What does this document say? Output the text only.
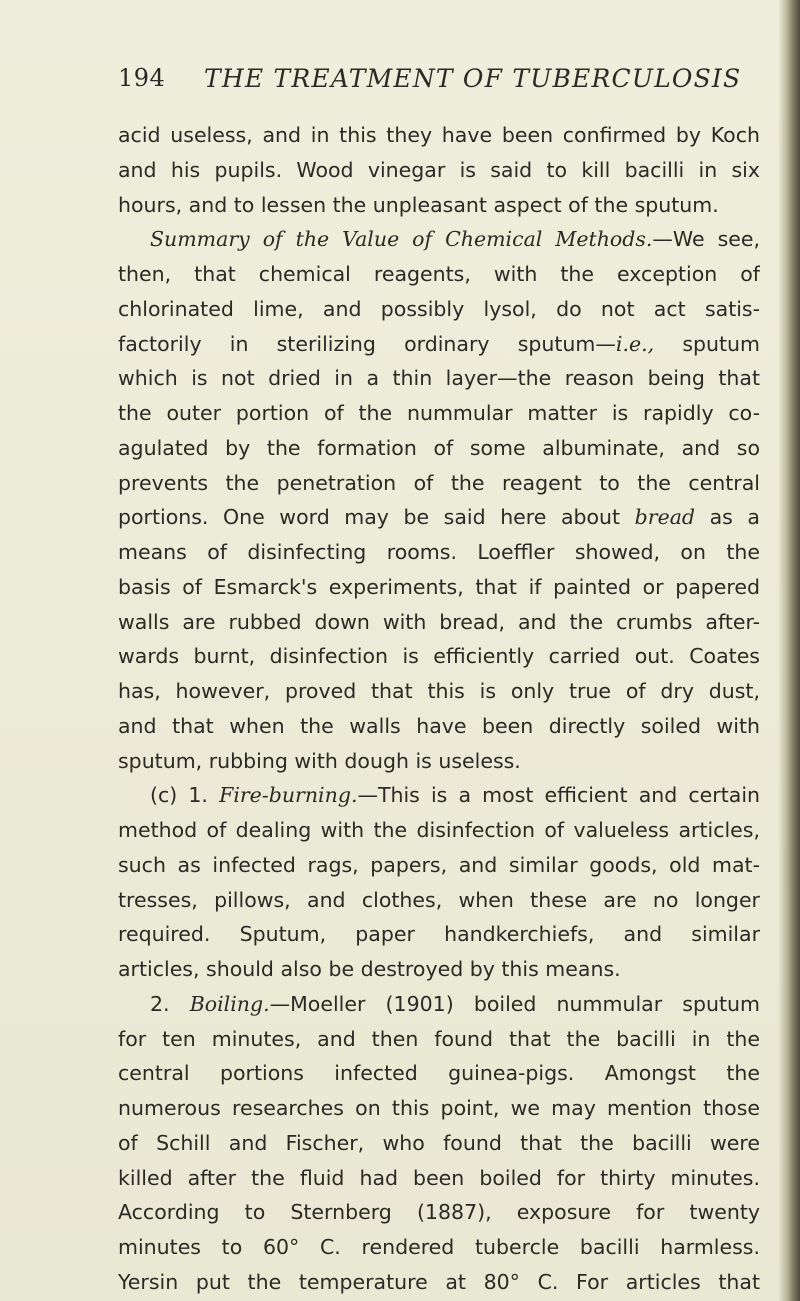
194 THE TREATMENT OF TUBERCULOSIS
acid useless, and in this they have been confirmed by Koch
and his pupils. Wood vinegar is said to kill bacilli in six
hours, and to lessen the unpleasant aspect of the sputum.
Summary of the Value of Chemical Methods.—We see,
then, that chemical reagents, with the exception of
chlorinated lime, and possibly lysol, do not act satis-
factorily in sterilizing ordinary sputum—i.e., sputum
which is not dried in a thin layer—the reason being that
the outer portion of the nummular matter is rapidly co-
agulated by the formation of some albuminate, and so
prevents the penetration of the reagent to the central
portions. One word may be said here about bread as a
means of disinfecting rooms. Loeffler showed, on the
basis of Esmarck's experiments, that if painted or papered
walls are rubbed down with bread, and the crumbs after-
wards burnt, disinfection is efficiently carried out. Coates
has, however, proved that this is only true of dry dust,
and that when the walls have been directly soiled with
sputum, rubbing with dough is useless.
(c) 1. Fire-burning.—This is a most efficient and certain
method of dealing with the disinfection of valueless articles,
such as infected rags, papers, and similar goods, old mat-
tresses, pillows, and clothes, when these are no longer
required. Sputum, paper handkerchiefs, and similar
articles, should also be destroyed by this means.
2. Boiling.—Moeller (1901) boiled nummular sputum
for ten minutes, and then found that the bacilli in the
central portions infected guinea-pigs. Amongst the
numerous researches on this point, we may mention those
of Schill and Fischer, who found that the bacilli were
killed after the fluid had been boiled for thirty minutes.
According to Sternberg (1887), exposure for twenty
minutes to 60° C. rendered tubercle bacilli harmless.
Yersin put the temperature at 80° C. For articles that
